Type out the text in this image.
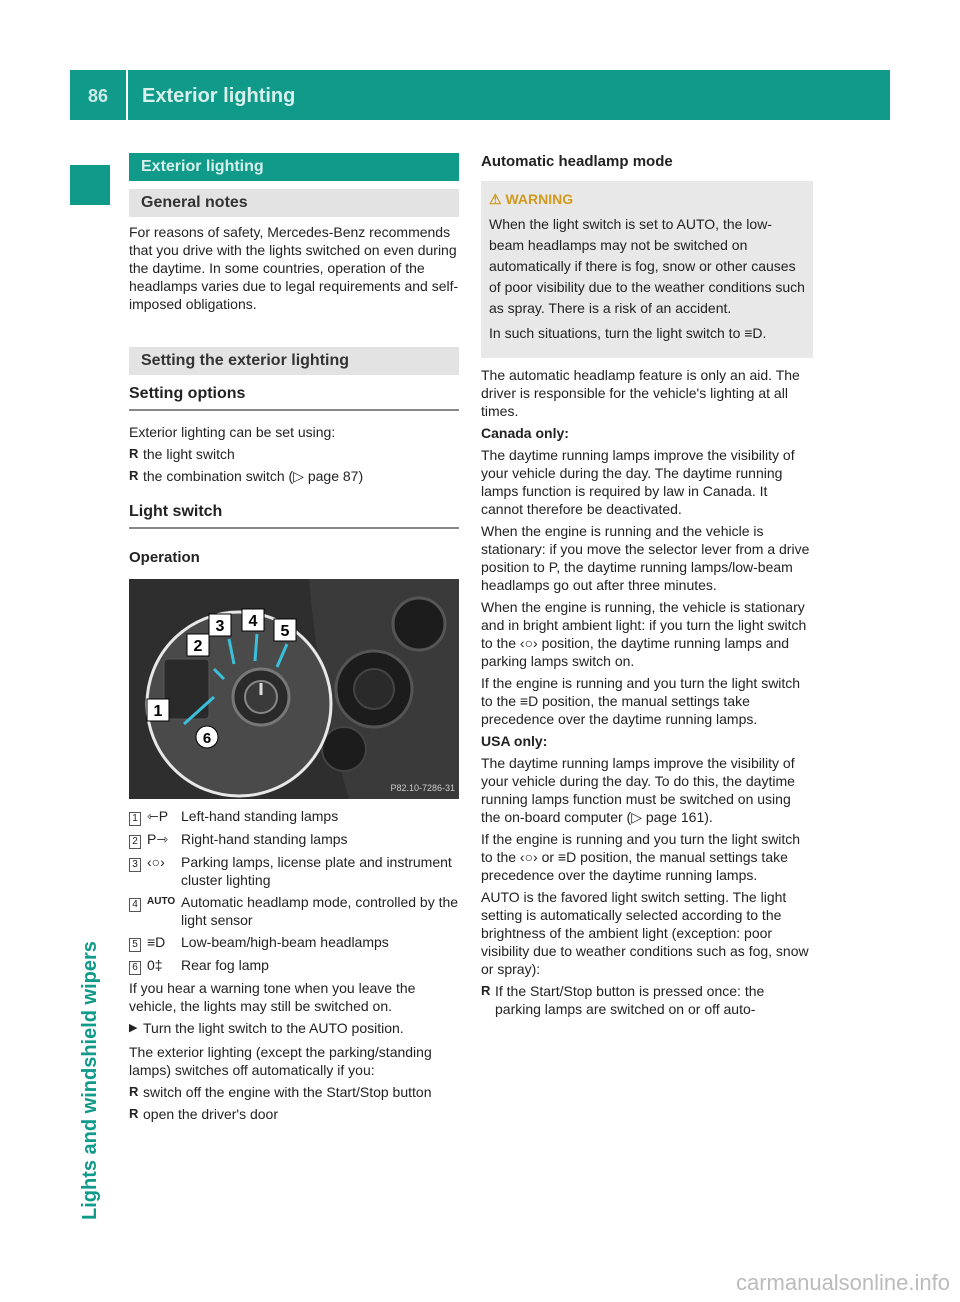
86	Exterior lighting
Lights and windshield wipers
Exterior lighting
General notes

For reasons of safety, Mercedes-Benz recommends that you drive with the lights switched on even during the daytime. In some countries, operation of the headlamps varies due to legal requirements and self-imposed obligations.

Setting the exterior lighting
Setting options

Exterior lighting can be set using:

R the light switch
R the combination switch (▷ page 87)
Light switch
Operation
1
2
3 4
5
6
P82.10-7286-31
1 ⇽P Left-hand standing lamps
2 P⇾ Right-hand standing lamps
3 ‹○›	Parking lamps, license plate and instrument cluster lighting
4 AUTO Automatic headlamp mode, controlled by the light sensor
5 ≡D	Low-beam/high-beam headlamps
6 0‡	Rear fog lamp

If you hear a warning tone when you leave the vehicle, the lights may still be switched on.

▶ Turn the light switch to the AUTO position.

The exterior lighting (except the parking/standing lamps) switches off automatically if you:

R switch off the engine with the Start/Stop button
R open the driver's door
Automatic headlamp mode
⚠ WARNING

When the light switch is set to AUTO, the low-beam headlamps may not be switched on automatically if there is fog, snow or other causes of poor visibility due to the weather conditions such as spray. There is a risk of an accident.

In such situations, turn the light switch to ≡D.

The automatic headlamp feature is only an aid. The driver is responsible for the vehicle's lighting at all times.

Canada only:

The daytime running lamps improve the visibility of your vehicle during the day. The daytime running lamps function is required by law in Canada. It cannot therefore be deactivated.

When the engine is running and the vehicle is stationary: if you move the selector lever from a drive position to P, the daytime running lamps/low-beam headlamps go out after three minutes.

When the engine is running, the vehicle is stationary and in bright ambient light: if you turn the light switch to the ‹○› position, the daytime running lamps and parking lamps switch on.

If the engine is running and you turn the light switch to the ≡D position, the manual settings take precedence over the daytime running lamps.

USA only:

The daytime running lamps improve the visibility of your vehicle during the day. To do this, the daytime running lamps function must be switched on using the on-board computer (▷ page 161).

If the engine is running and you turn the light switch to the ‹○› or ≡D position, the manual settings take precedence over the daytime running lamps.

AUTO is the favored light switch setting. The light setting is automatically selected according to the brightness of the ambient light (exception: poor visibility due to weather conditions such as fog, snow or spray):

R If the Start/Stop button is pressed once: the parking lamps are switched on or off auto-
carmanualsonline.info
